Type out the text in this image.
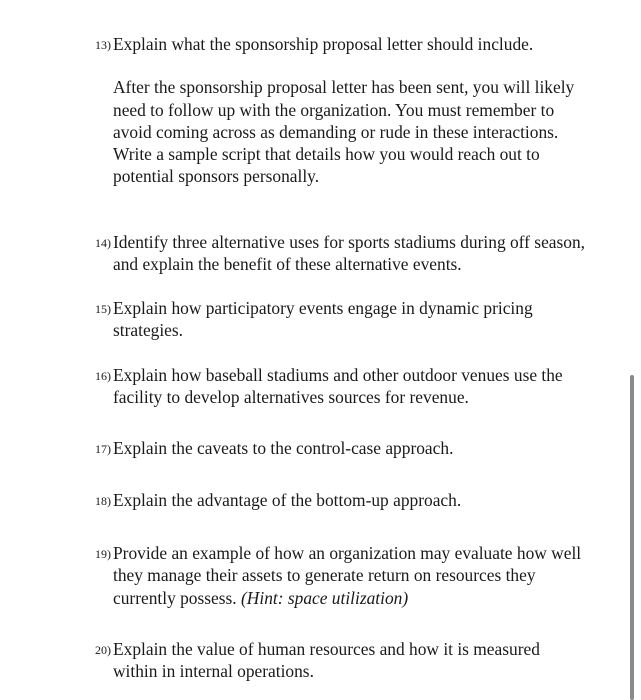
13) Explain what the sponsorship proposal letter should include.
After the sponsorship proposal letter has been sent, you will likely need to follow up with the organization. You must remember to avoid coming across as demanding or rude in these interactions. Write a sample script that details how you would reach out to potential sponsors personally.
14) Identify three alternative uses for sports stadiums during off season, and explain the benefit of these alternative events.
15) Explain how participatory events engage in dynamic pricing strategies.
16) Explain how baseball stadiums and other outdoor venues use the facility to develop alternatives sources for revenue.
17) Explain the caveats to the control-case approach.
18) Explain the advantage of the bottom-up approach.
19) Provide an example of how an organization may evaluate how well they manage their assets to generate return on resources they currently possess. (Hint: space utilization)
20) Explain the value of human resources and how it is measured within in internal operations.
